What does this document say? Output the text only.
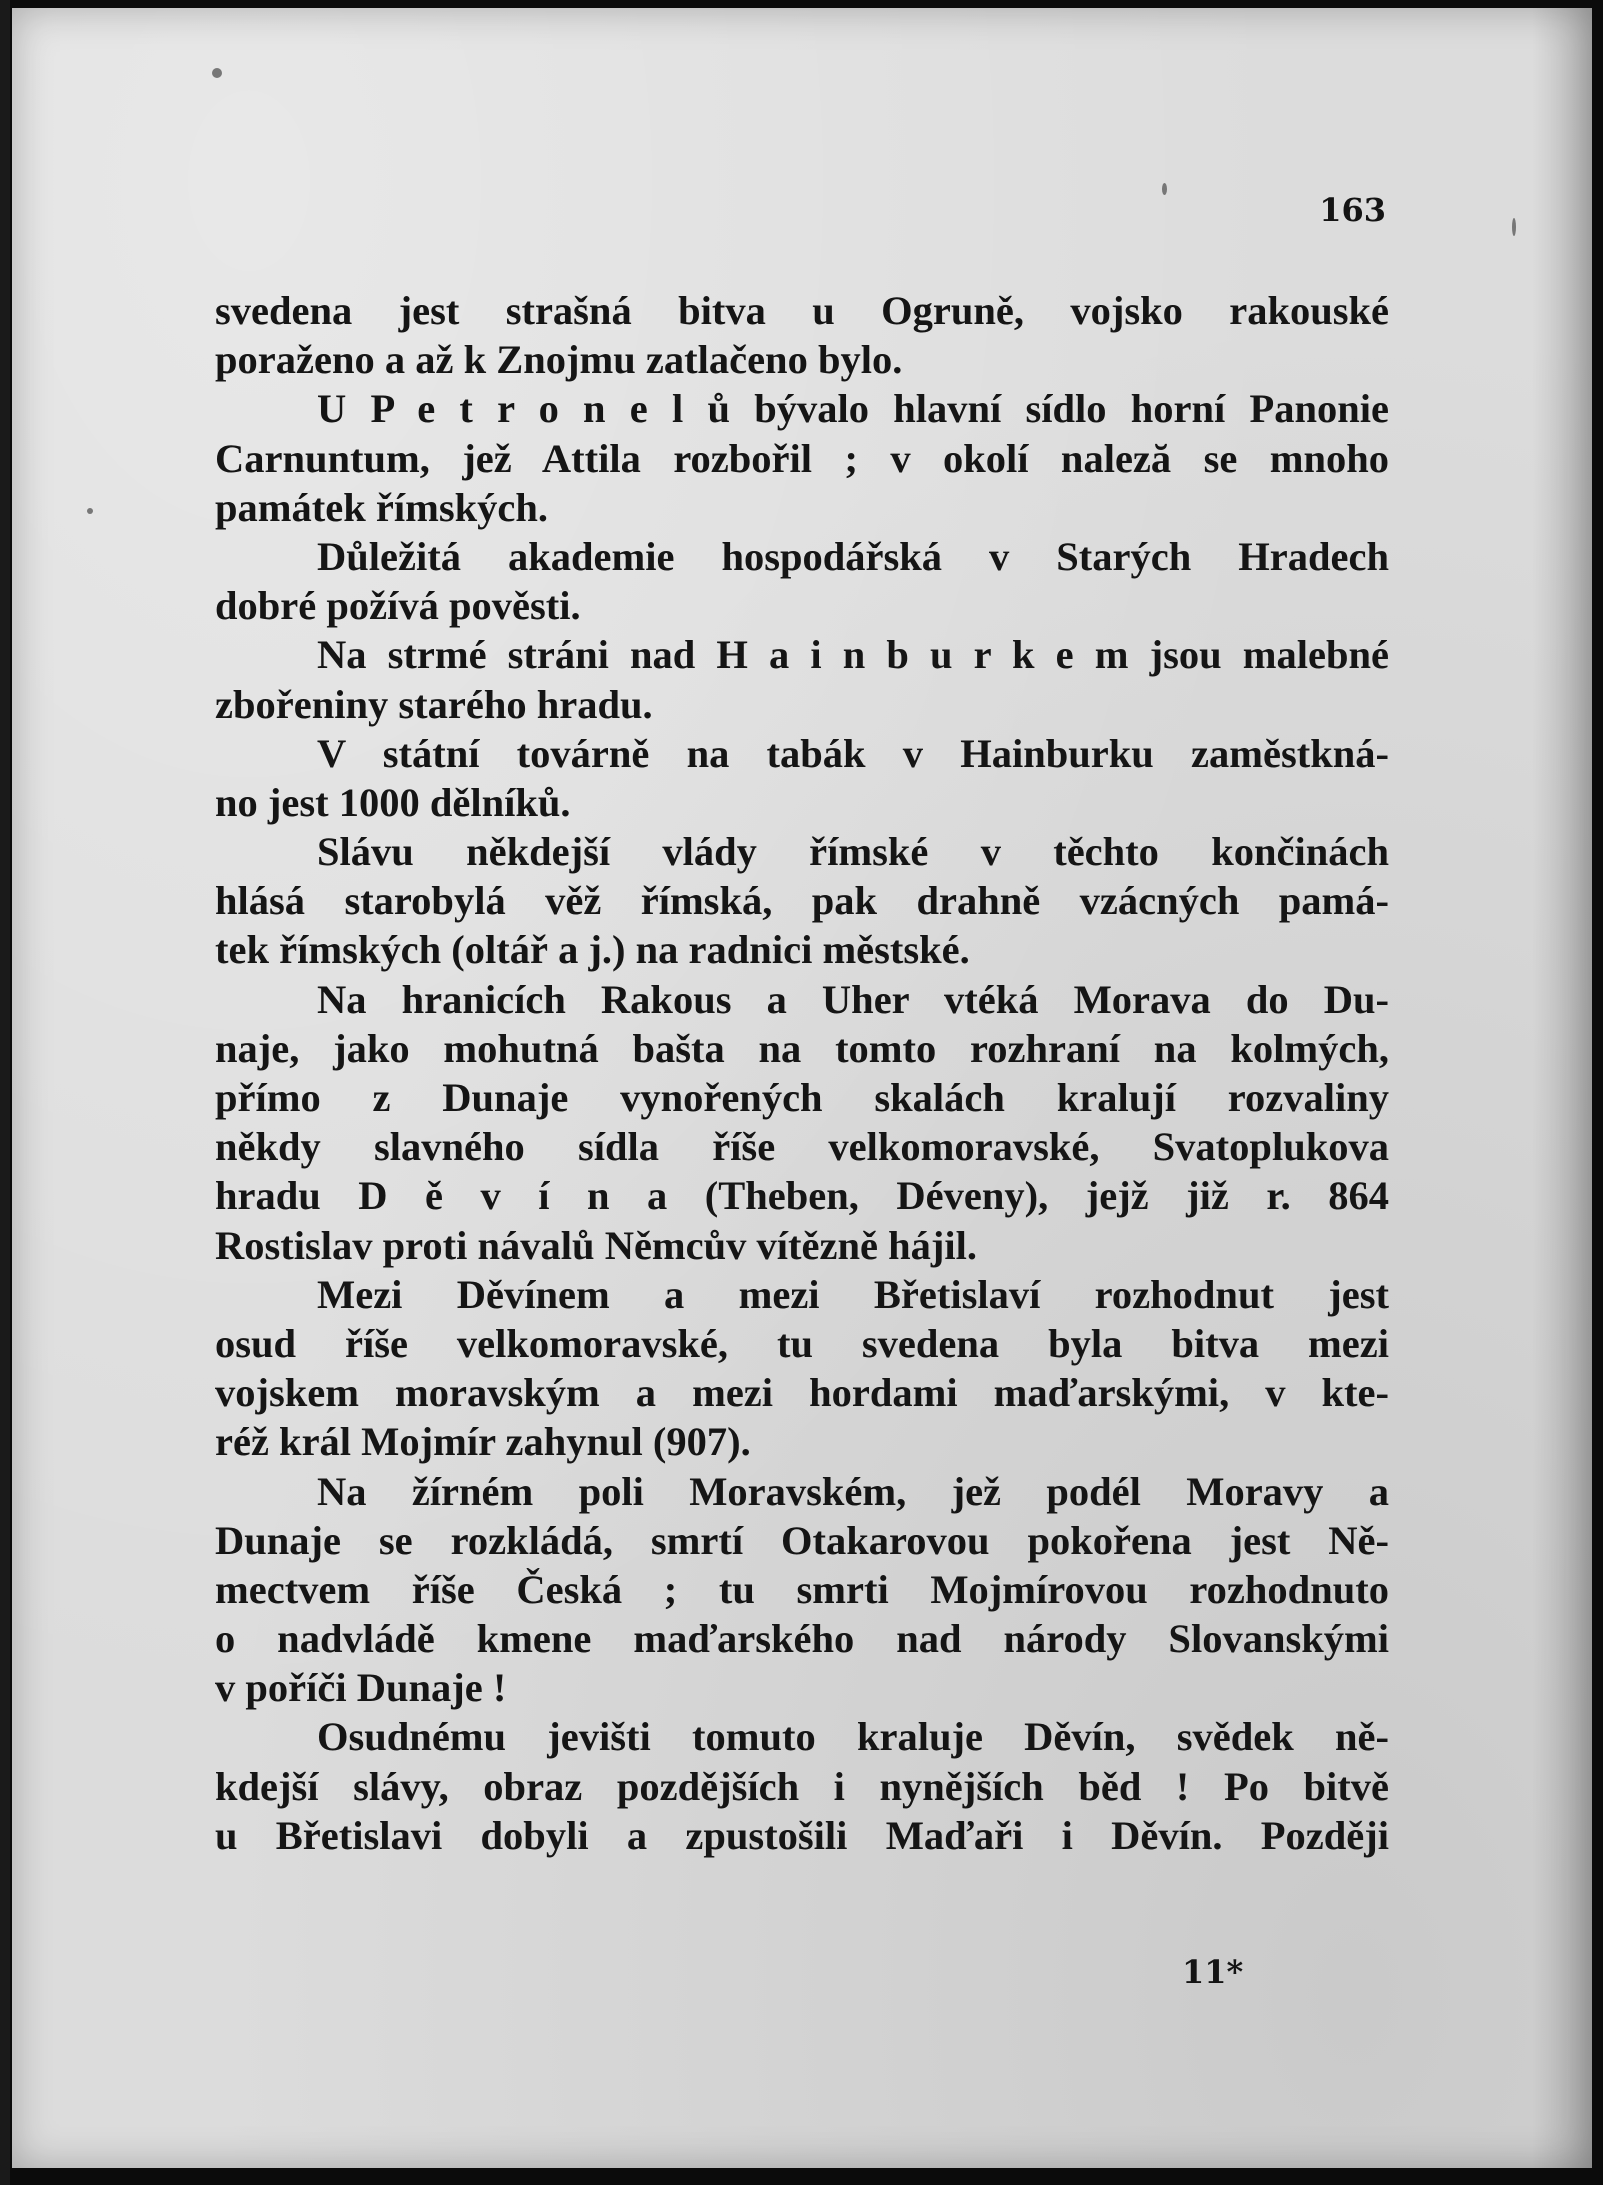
163
svedena jest strašná bitva u Ogruně, vojsko rakouské
poraženo a až k Znojmu zatlačeno bylo.
U P e t r o n e l ů bývalo hlavní sídlo horní Panonie
Carnuntum, jež Attila rozbořil ; v okolí naleză se mnoho
památek římských.
Důležitá akademie hospodářská v Starých Hradech
dobré požívá pověsti.
Na strmé stráni nad H a i n b u r k e m jsou malebné
zbořeniny starého hradu.
V státní továrně na tabák v Hainburku zaměstkná-
no jest 1000 dělníků.
Slávu někdejší vlády římské v těchto končinách
hlásá starobylá věž římská, pak drahně vzácných pamá-
tek římských (oltář a j.) na radnici městské.
Na hranicích Rakous a Uher vtéká Morava do Du-
naje, jako mohutná bašta na tomto rozhraní na kolmých,
přímo z Dunaje vynořených skalách kralují rozvaliny
někdy slavného sídla říše velkomoravské, Svatoplukova
hradu D ě v í n a (Theben, Déveny), jejž již r. 864
Rostislav proti návalů Němcův vítězně hájil.
Mezi Děvínem a mezi Břetislaví rozhodnut jest
osud říše velkomoravské, tu svedena byla bitva mezi
vojskem moravským a mezi hordami maďarskými, v kte-
réž král Mojmír zahynul (907).
Na žírném poli Moravském, jež podél Moravy a
Dunaje se rozkládá, smrtí Otakarovou pokořena jest Ně-
mectvem říše Česká ; tu smrti Mojmírovou rozhodnuto
o nadvládě kmene maďarského nad národy Slovanskými
v poříči Dunaje !
Osudnému jevišti tomuto kraluje Děvín, svědek ně-
kdejší slávy, obraz pozdějších i nynějších běd ! Po bitvě
u Břetislavi dobyli a zpustošili Maďaři i Děvín. Později
11*
